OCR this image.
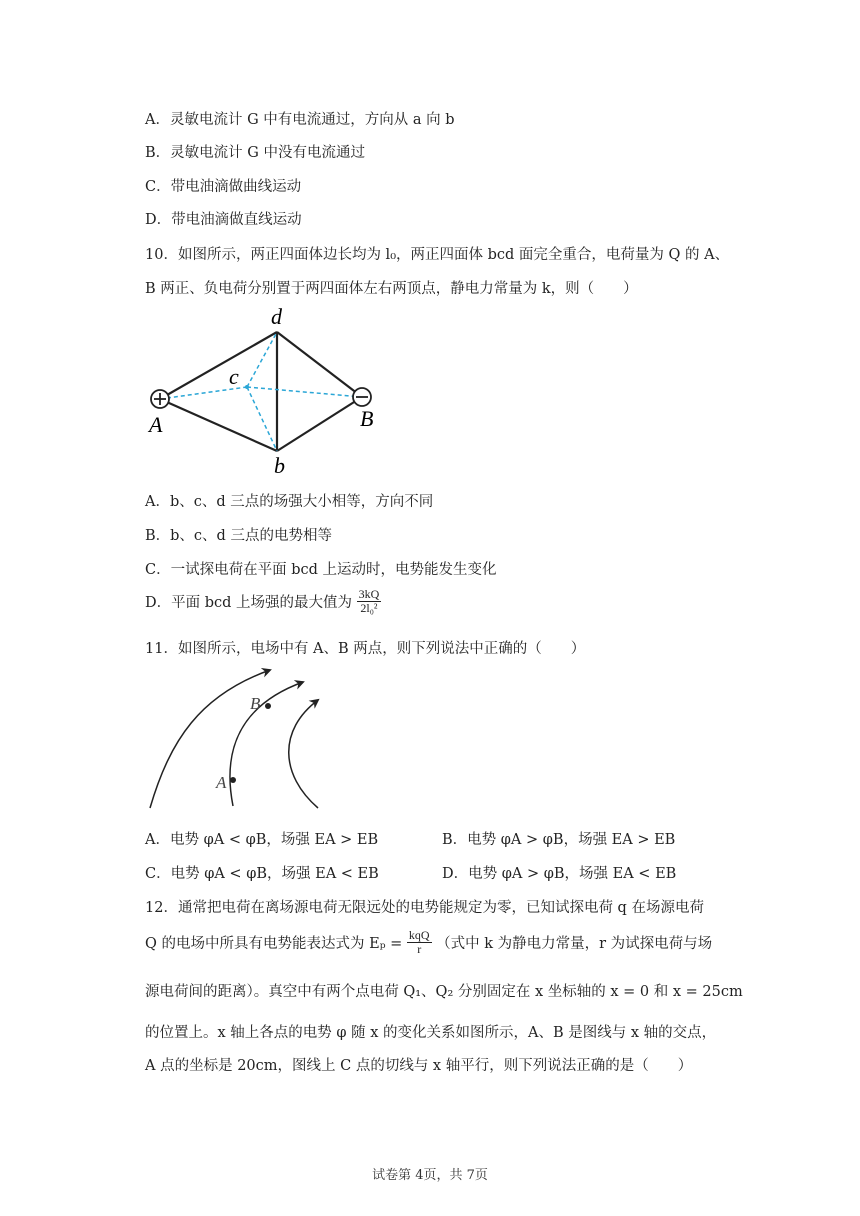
A．灵敏电流计 G 中有电流通过，方向从 a 向 b
B．灵敏电流计 G 中没有电流通过
C．带电油滴做曲线运动
D．带电油滴做直线运动
10．如图所示，两正四面体边长均为 l₀，两正四面体 bcd 面完全重合，电荷量为 Q 的 A、
B 两正、负电荷分别置于两四面体左右两顶点，静电力常量为 k，则（　　）
d
c
b
A	B
A．b、c、d 三点的场强大小相等，方向不同
B．b、c、d 三点的电势相等
C．一试探电荷在平面 bcd 上运动时，电势能发生变化
D．平面 bcd 上场强的最大值为 $\frac{3kQ}{\text{2l₀²}}$
11．如图所示，电场中有 A、B 两点，则下列说法中正确的（　　）
A
B
A．电势 φA < φB，场强 EA > EB	B．电势 φA > φB，场强 EA > EB
C．电势 φA < φB，场强 EA < EB	D．电势 φA > φB，场强 EA < EB
12．通常把电荷在离场源电荷无限远处的电势能规定为零，已知试探电荷 q 在场源电荷
Q 的电场中所具有电势能表达式为 $E_p = \frac{\text{kqQ}}{r}$ （式中 k 为静电力常量，r 为试探电荷与场
源电荷间的距离）。真空中有两个点电荷 Q₁、Q₂ 分别固定在 x 坐标轴的 x = 0 和 x = 25cm
的位置上。x 轴上各点的电势 φ 随 x 的变化关系如图所示，A、B 是图线与 x 轴的交点，
A 点的坐标是 20cm，图线上 C 点的切线与 x 轴平行，则下列说法正确的是（　　）
试卷第 4页，共 7页
